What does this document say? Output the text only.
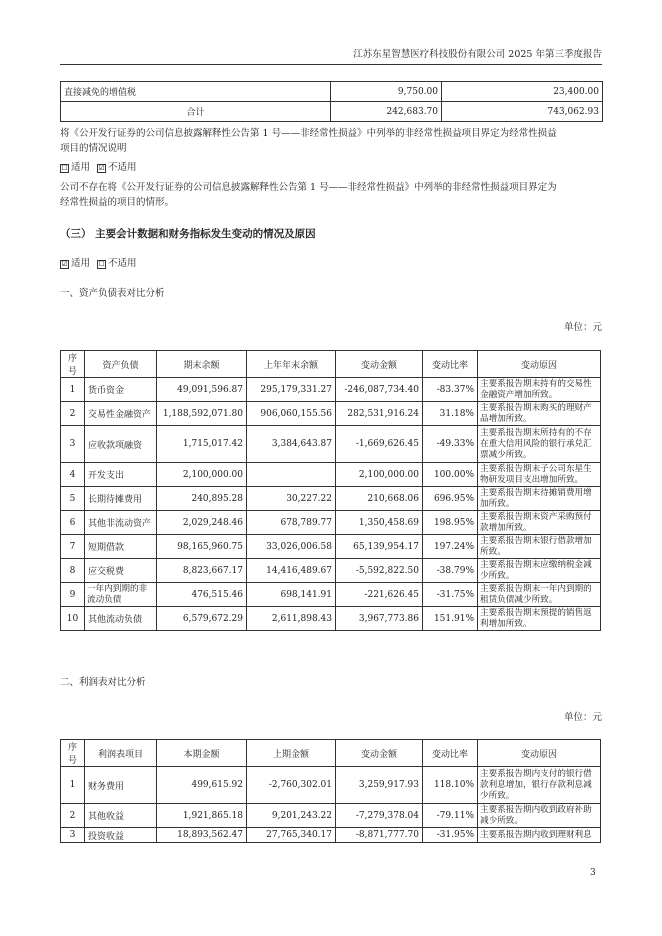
江苏东星智慧医疗科技股份有限公司 2025 年第三季度报告
直接减免的增值税	9,750.00	23,400.00
合计	242,683.70	743,062.93
将《公开发行证券的公司信息披露解释性公告第 1 号——非经常性损益》中列举的非经常性损益项目界定为经常性损益
项目的情况说明
☐ 适用 ☑ 不适用
公司不存在将《公开发行证券的公司信息披露解释性公告第 1 号——非经常性损益》中列举的非经常性损益项目界定为
经常性损益的项目的情形。
（三） 主要会计数据和财务指标发生变动的情况及原因
☑ 适用 ☐ 不适用
一、资产负债表对比分析
单位：元
序号	资产负债	期末余额	上年年末余额	变动金额	变动比率	变动原因
1	货币资金	49,091,596.87	295,179,331.27	-246,087,734.40	-83.37%	主要系报告期末持有的交易性金融资产增加所致。
2	交易性金融资产	1,188,592,071.80	906,060,155.56	282,531,916.24	31.18%	主要系报告期末购买的理财产品增加所致。
3	应收款项融资	1,715,017.42	3,384,643.87	-1,669,626.45	-49.33%	主要系报告期末所持有的不存在重大信用风险的银行承兑汇票减少所致。
4	开发支出	2,100,000.00		2,100,000.00	100.00%	主要系报告期末子公司东星生物研发项目支出增加所致。
5	长期待摊费用	240,895.28	30,227.22	210,668.06	696.95%	主要系报告期末待摊销费用增加所致。
6	其他非流动资产	2,029,248.46	678,789.77	1,350,458.69	198.95%	主要系报告期末资产采购预付款增加所致。
7	短期借款	98,165,960.75	33,026,006.58	65,139,954.17	197.24%	主要系报告期末银行借款增加所致。
8	应交税费	8,823,667.17	14,416,489.67	-5,592,822.50	-38.79%	主要系报告期末应缴纳税金减少所致。
9	一年内到期的非流动负债	476,515.46	698,141.91	-221,626.45	-31.75%	主要系报告期末一年内到期的租赁负债减少所致。
10	其他流动负债	6,579,672.29	2,611,898.43	3,967,773.86	151.91%	主要系报告期末预提的销售返利增加所致。
二、利润表对比分析
单位：元
序号	利润表项目	本期金额	上期金额	变动金额	变动比率	变动原因
1	财务费用	499,615.92	-2,760,302.01	3,259,917.93	118.10%	主要系报告期内支付的银行借款利息增加，银行存款利息减少所致。
2	其他收益	1,921,865.18	9,201,243.22	-7,279,378.04	-79.11%	主要系报告期内收到政府补助减少所致。
3	投资收益	18,893,562.47	27,765,340.17	-8,871,777.70	-31.95%	主要系报告期内收到理财利息
3
